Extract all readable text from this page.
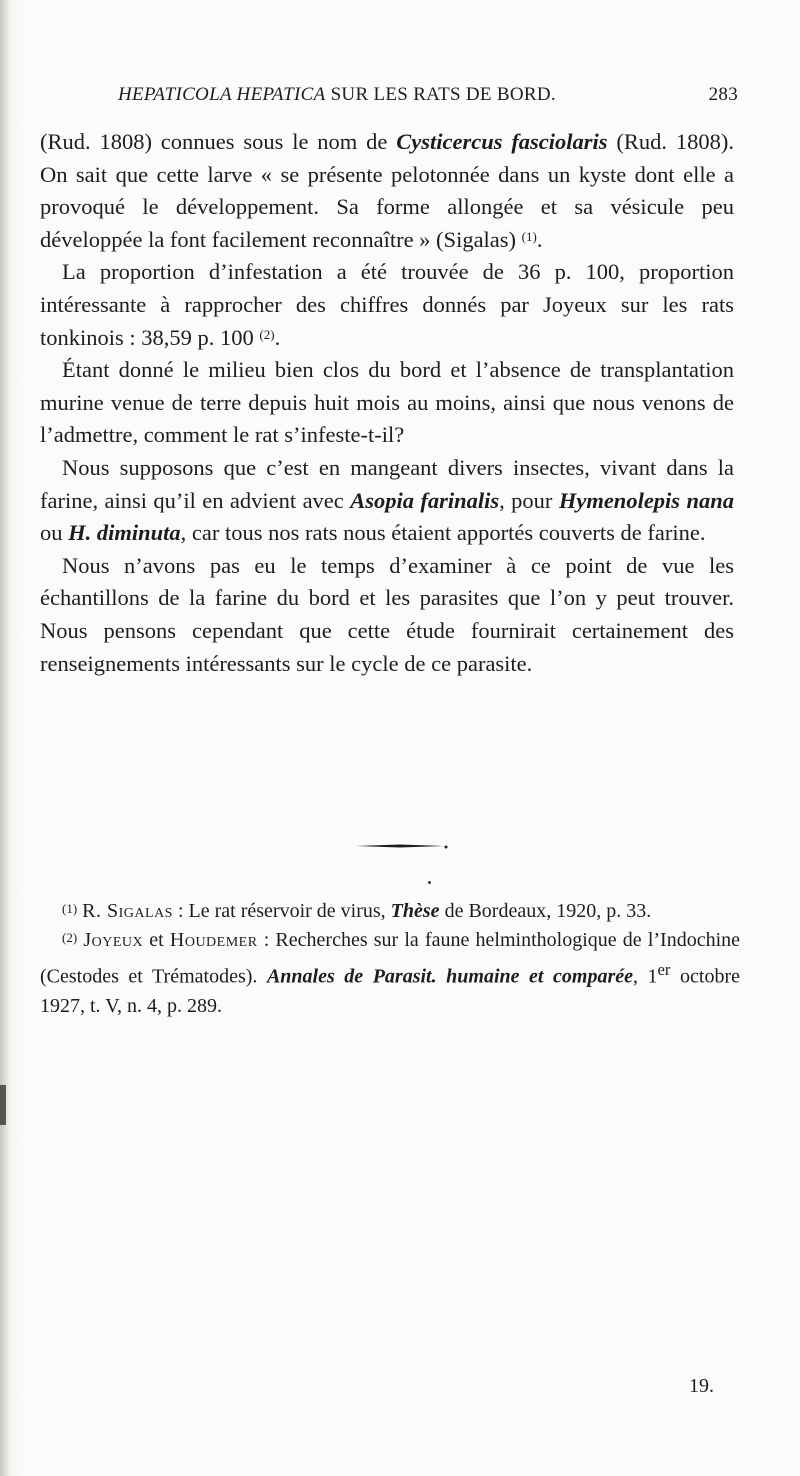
HEPATICOLA HEPATICA SUR LES RATS DE BORD.	283

(Rud. 1808) connues sous le nom de Cysticercus fasciolaris (Rud. 1808). On sait que cette larve « se présente pelotonnée dans un kyste dont elle a provoqué le développement. Sa forme allongée et sa vésicule peu développée la font facilement reconnaître » (Sigalas) $^{(1)}$.

La proportion d’infestation a été trouvée de 36 p. 100, proportion intéressante à rapprocher des chiffres donnés par Joyeux sur les rats tonkinois : 38,59 p. 100 $^{(2)}$.

Étant donné le milieu bien clos du bord et l’absence de transplantation murine venue de terre depuis huit mois au moins, ainsi que nous venons de l’admettre, comment le rat s’infeste-t-il?

Nous supposons que c’est en mangeant divers insectes, vivant dans la farine, ainsi qu’il en advient avec Asopia farinalis, pour Hymenolepis nana ou H. diminuta, car tous nos rats nous étaient apportés couverts de farine.

Nous n’avons pas eu le temps d’examiner à ce point de vue les échantillons de la farine du bord et les parasites que l’on y peut trouver. Nous pensons cependant que cette étude fournirait certainement des renseignements intéressants sur le cycle de ce parasite.

$^{(1)}$ R. Sigalas : Le rat réservoir de virus, Thèse de Bordeaux, 1920, p. 33.

$^{(2)}$ Joyeux et Houdemer : Recherches sur la faune helminthologique de l’Indochine (Cestodes et Trématodes). Annales de Parasit. humaine et comparée, 1er octobre 1927, t. V, n. 4, p. 289.

19.
